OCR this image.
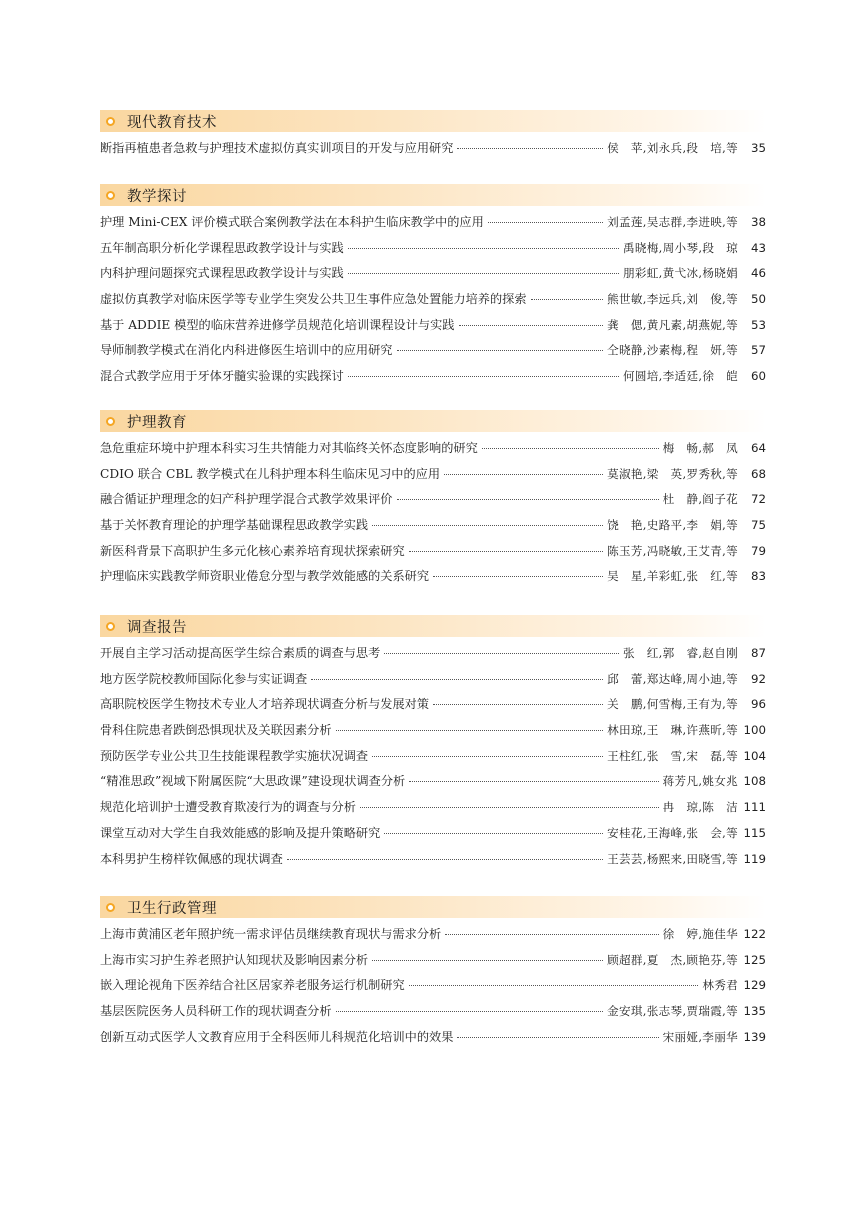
现代教育技术
断指再植患者急救与护理技术虚拟仿真实训项目的开发与应用研究	侯　苹,刘永兵,段　培,等	35
教学探讨
护理 Mini-CEX 评价模式联合案例教学法在本科护生临床教学中的应用	刘孟莲,吴志群,李进映,等	38
五年制高职分析化学课程思政教学设计与实践	禹晓梅,周小琴,段　琼	43
内科护理问题探究式课程思政教学设计与实践	朋彩虹,黄弋冰,杨晓娟	46
虚拟仿真教学对临床医学等专业学生突发公共卫生事件应急处置能力培养的探索	熊世敏,李远兵,刘　俊,等	50
基于 ADDIE 模型的临床营养进修学员规范化培训课程设计与实践	龚　偲,黄凡素,胡燕妮,等	53
导师制教学模式在消化内科进修医生培训中的应用研究	仝晓静,沙素梅,程　妍,等	57
混合式教学应用于牙体牙髓实验课的实践探讨	何圆培,李适廷,徐　皑	60
护理教育
急危重症环境中护理本科实习生共情能力对其临终关怀态度影响的研究	梅　畅,郝　凤	64
CDIO 联合 CBL 教学模式在儿科护理本科生临床见习中的应用	莫淑艳,梁　英,罗秀秋,等	68
融合循证护理理念的妇产科护理学混合式教学效果评价	杜　静,阎子花	72
基于关怀教育理论的护理学基础课程思政教学实践	饶　艳,史路平,李　娟,等	75
新医科背景下高职护生多元化核心素养培育现状探索研究	陈玉芳,冯晓敏,王艾青,等	79
护理临床实践教学师资职业倦怠分型与教学效能感的关系研究	吴　星,羊彩虹,张　红,等	83
调查报告
开展自主学习活动提高医学生综合素质的调查与思考	张　红,郭　睿,赵自刚	87
地方医学院校教师国际化参与实证调查	邱　蕾,郑达峰,周小迪,等	92
高职院校医学生物技术专业人才培养现状调查分析与发展对策	关　鹏,何雪梅,王有为,等	96
骨科住院患者跌倒恐惧现状及关联因素分析	林田琼,王　琳,许燕昕,等 100
预防医学专业公共卫生技能课程教学实施状况调查	王柱红,张　雪,宋　磊,等 104
“精准思政”视域下附属医院“大思政课”建设现状调查分析	蒋芳凡,姚女兆 108
规范化培训护士遭受教育欺凌行为的调查与分析	冉　琼,陈　洁 111
课堂互动对大学生自我效能感的影响及提升策略研究	安桂花,王海峰,张　会,等 115
本科男护生榜样钦佩感的现状调查	王芸芸,杨熙来,田晓雪,等 119
卫生行政管理
上海市黄浦区老年照护统一需求评估员继续教育现状与需求分析	徐　婷,施佳华 122
上海市实习护生养老照护认知现状及影响因素分析	顾超群,夏　杰,顾艳芬,等 125
嵌入理论视角下医养结合社区居家养老服务运行机制研究	林秀君 129
基层医院医务人员科研工作的现状调查分析	金安琪,张志琴,贾瑞霞,等 135
创新互动式医学人文教育应用于全科医师儿科规范化培训中的效果	宋丽娅,李丽华 139
